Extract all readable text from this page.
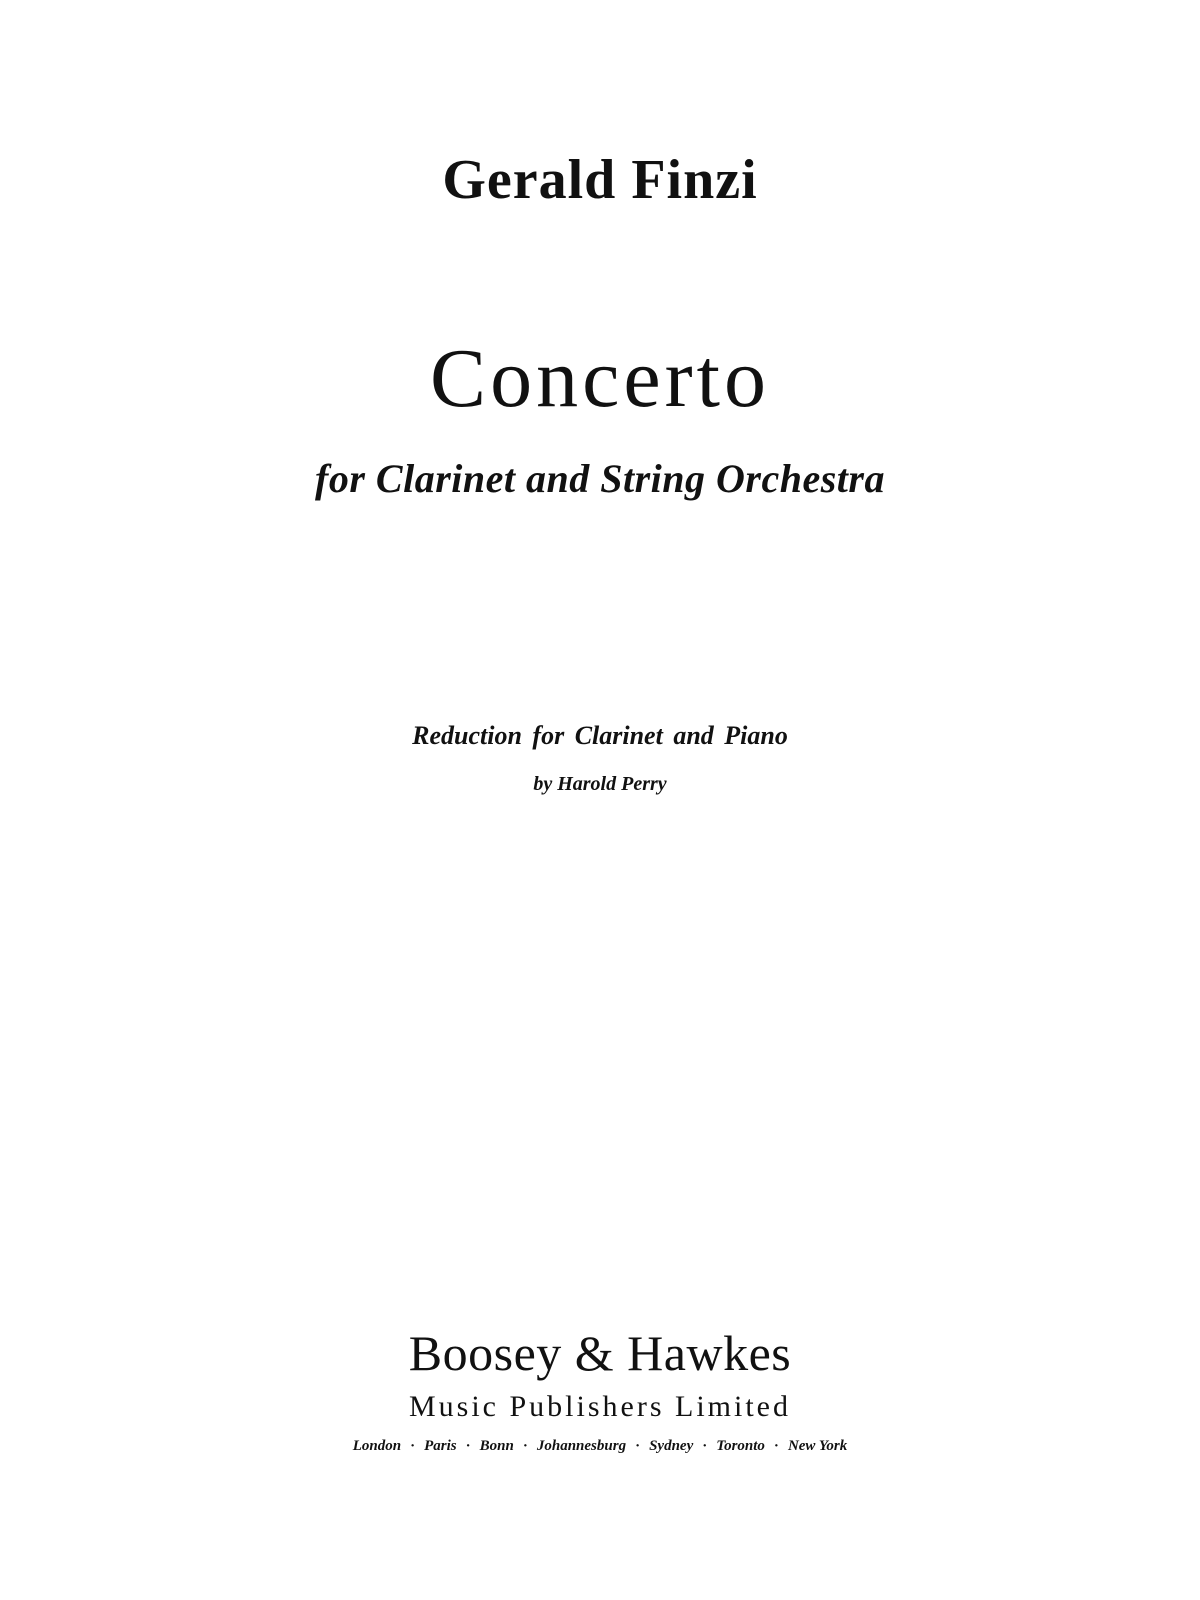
Gerald Finzi

Concerto

for Clarinet and String Orchestra

Reduction for Clarinet and Piano

by Harold Perry

Boosey & Hawkes

Music Publishers Limited

London · Paris · Bonn · Johannesburg · Sydney · Toronto · New York
